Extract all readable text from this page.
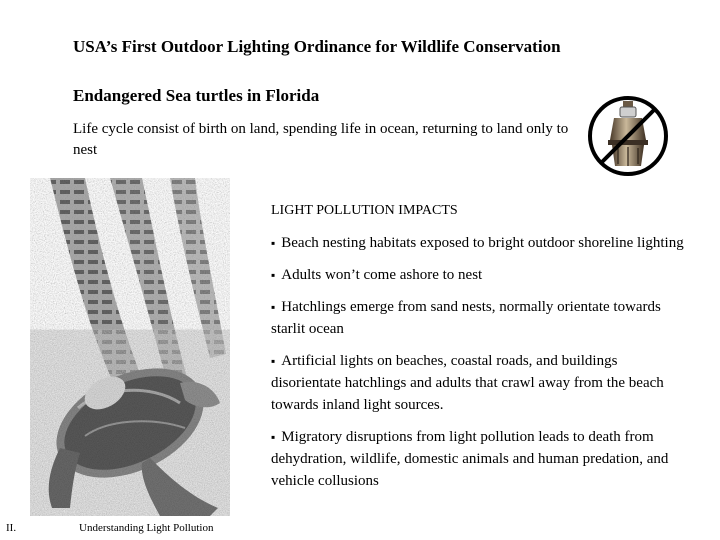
USA’s First Outdoor Lighting Ordinance for Wildlife Conservation
Endangered Sea turtles in Florida
Life cycle consist of birth on land, spending life in ocean, returning to land only to nest
LIGHT POLLUTION IMPACTS
▪ Beach nesting habitats exposed to bright outdoor shoreline lighting
▪ Adults won’t come ashore to nest
▪ Hatchlings emerge from sand nests, normally orientate towards starlit ocean
▪ Artificial lights on beaches, coastal roads, and buildings disorientate hatchlings and adults that crawl away from the beach towards inland light sources.
▪ Migratory disruptions from light pollution leads to death from dehydration, wildlife, domestic animals and human predation, and vehicle collusions
II.	Understanding Light Pollution
